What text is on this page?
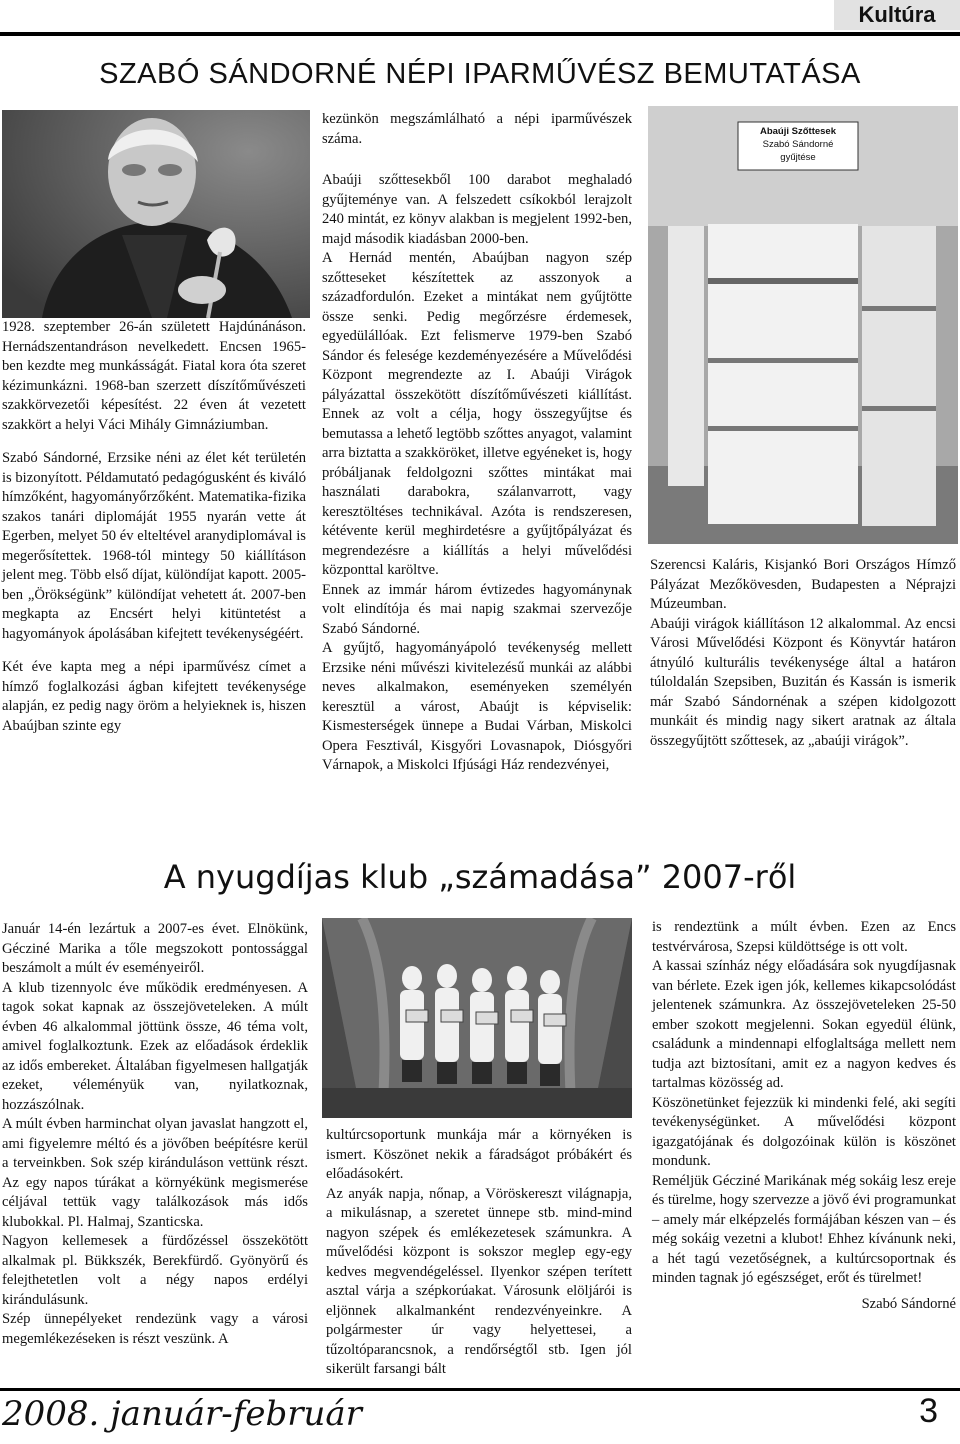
Kultúra
SZABÓ SÁNDORNÉ NÉPI IPARMŰVÉSZ BEMUTATÁSA

1928. szeptember 26-án született Hajdúnánáson. Hernádszentandráson nevelkedett. Encsen 1965-ben kezdte meg munkásságát. Fiatal kora óta szeret kézimunkázni. 1968-ban szerzett díszítőművészeti szakkörvezetői képesítést. 22 éven át vezetett szakkört a helyi Váci Mihály Gimnáziumban.

Szabó Sándorné, Erzsike néni az élet két területén is bizonyított. Példamutató pedagógusként és kiváló hímzőként, hagyományőrzőként. Matematika-fizika szakos tanári diplomáját 1955 nyarán vette át Egerben, melyet 50 év elteltével aranydiplomával is megerősítettek. 1968-tól mintegy 50 kiállításon jelent meg. Több első díjat, különdíjat kapott. 2005-ben „Örökségünk” különdíjat vehetett át. 2007-ben megkapta az Encsért helyi kitüntetést a hagyományok ápolásában kifejtett tevékenységéért.

Két éve kapta meg a népi iparművész címet a hímző foglalkozási ágban kifejtett tevékenysége alapján, ez pedig nagy öröm a helyieknek is, hiszen Abaújban szinte egy

kezünkön megszámlálható a népi iparművészek száma.

Abaúji szőttesekből 100 darabot meghaladó gyűjteménye van. A felszedett csíkokból lerajzolt 240 mintát, ez könyv alakban is megjelent 1992-ben, majd második kiadásban 2000-ben.

A Hernád mentén, Abaújban nagyon szép szőtteseket készítettek az asszonyok a századfordulón. Ezeket a mintákat nem gyűjtötte össze senki. Pedig megőrzésre érdemesek, egyedülállóak. Ezt felismerve 1979-ben Szabó Sándor és felesége kezdeményezésére a Művelődési Központ megrendezte az I. Abaúji Virágok pályázattal összekötött díszítőművészeti kiállítást. Ennek az volt a célja, hogy összegyűjtse és bemutassa a lehető legtöbb szőttes anyagot, valamint arra biztatta a szakköröket, illetve egyéneket is, hogy próbáljanak feldolgozni szőttes mintákat mai használati darabokra, szálanvarrott, vagy keresztöltéses technikával. Azóta is rendszeresen, kétévente kerül meghirdetésre a gyűjtőpályázat és megrendezésre a kiállítás a helyi művelődési központtal karöltve.

Ennek az immár három évtizedes hagyománynak volt elindítója és mai napig szakmai szervezője Szabó Sándorné.

A gyűjtő, hagyományápoló tevékenység mellett Erzsike néni művészi kivitelezésű munkái az alábbi neves alkalmakon, eseményeken személyén keresztül a várost, Abaújt is képviselik: Kismesterségek ünnepe a Budai Várban, Miskolci Opera Fesztivál, Kisgyőri Lovasnapok, Diósgyőri Várnapok, a Miskolci Ifjúsági Ház rendezvényei,

Abaúji Szőttesek
Szabó Sándorné
gyűjtése

Szerencsi Kaláris, Kisjankó Bori Országos Hímző Pályázat Mezőkövesden, Budapesten a Néprajzi Múzeumban.

Abaúji virágok kiállításon 12 alkalommal. Az encsi Városi Művelődési Központ és Könyvtár határon átnyúló kulturális tevékenysége által a határon túloldalán Szepsiben, Buzitán és Kassán is ismerik már Szabó Sándornénak a szépen kidolgozott munkáit és mindig nagy sikert aratnak az általa összegyűjtött szőttesek, az „abaúji virágok”.

A nyugdíjas klub „számadása” 2007-ről

Január 14-én lezártuk a 2007-es évet. Elnökünk, Gécziné Marika a tőle megszokott pontossággal beszámolt a múlt év eseményeiről.

A klub tizennyolc éve működik eredményesen. A tagok sokat kapnak az összejöveteleken. A múlt évben 46 alkalommal jöttünk össze, 46 téma volt, amivel foglalkoztunk. Ezek az előadások érdeklik az idős embereket. Általában figyelmesen hallgatják ezeket, véleményük van, nyilatkoznak, hozzászólnak.

A múlt évben harminchat olyan javaslat hangzott el, ami figyelemre méltó és a jövőben beépítésre kerül a terveinkben. Sok szép kiránduláson vettünk részt. Az egy napos túrákat a környékünk megismerése céljával tettük vagy találkozások más idős klubokkal. Pl. Halmaj, Szanticska.

Nagyon kellemesek a fürdőzéssel összekötött alkalmak pl. Bükkszék, Berekfürdő. Gyönyörű és felejthetetlen volt a négy napos erdélyi kirándulásunk.

Szép ünnepélyeket rendezünk vagy a városi megemlékezéseken is részt veszünk. A

kultúrcsoportunk munkája már a környéken is ismert. Köszönet nekik a fáradságot próbákért és előadásokért.

Az anyák napja, nőnap, a Vöröskereszt világnapja, a mikulásnap, a szeretet ünnepe stb. mind-mind nagyon szépek és emlékezetesek számunkra. A művelődési központ is sokszor meglep egy-egy kedves megvendégeléssel. Ilyenkor szépen terített asztal várja a szépkorúakat. Városunk elöljárói is eljönnek alkalmanként rendezvényeinkre. A polgármester úr vagy helyettesei, a tűzoltóparancsnok, a rendőrségtől stb. Igen jól sikerült farsangi bált

is rendeztünk a múlt évben. Ezen az Encs testvérvárosa, Szepsi küldöttsége is ott volt.

A kassai színház négy előadására sok nyugdíjasnak van bérlete. Ezek igen jók, kellemes kikapcsolódást jelentenek számunkra. Az összejöveteleken 25-50 ember szokott megjelenni. Sokan egyedül élünk, családunk a mindennapi elfoglaltsága mellett nem tudja azt biztosítani, amit ez a nagyon kedves és tartalmas közösség ad.

Köszönetünket fejezzük ki mindenki felé, aki segíti tevékenységünket. A művelődési központ igazgatójának és dolgozóinak külön is köszönet mondunk.

Reméljük Gécziné Marikának még sokáig lesz ereje és türelme, hogy szervezze a jövő évi programunkat – amely már elképzelés formájában készen van – és még sokáig vezetni a klubot! Ehhez kívánunk neki, a hét tagú vezetőségnek, a kultúrcsoportnak és minden tagnak jó egészséget, erőt és türelmet!

Szabó Sándorné
2008. január-február	3
